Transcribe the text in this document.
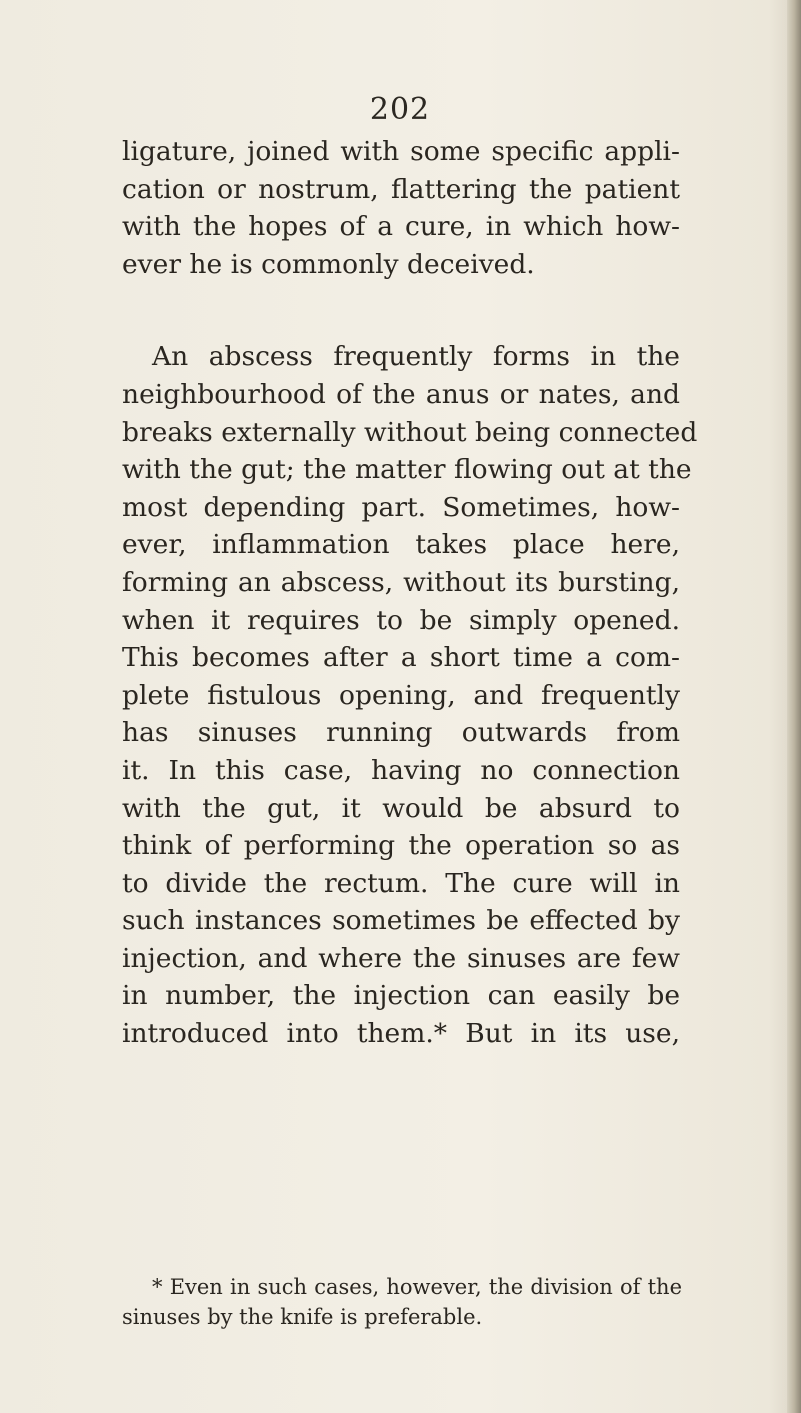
202
ligature, joined with some specific appli-
cation or nostrum, flattering the patient
with the hopes of a cure, in which how-
ever he is commonly deceived.
An abscess frequently forms in the
neighbourhood of the anus or nates, and
breaks externally without being connected
with the gut; the matter flowing out at the
most depending part. Sometimes, how-
ever, inflammation takes place here,
forming an abscess, without its bursting,
when it requires to be simply opened.
This becomes after a short time a com-
plete fistulous opening, and frequently
has sinuses running outwards from
it. In this case, having no connection
with the gut, it would be absurd to
think of performing the operation so as
to divide the rectum. The cure will in
such instances sometimes be effected by
injection, and where the sinuses are few
in number, the injection can easily be
introduced into them.* But in its use,
* Even in such cases, however, the division of the
sinuses by the knife is preferable.
